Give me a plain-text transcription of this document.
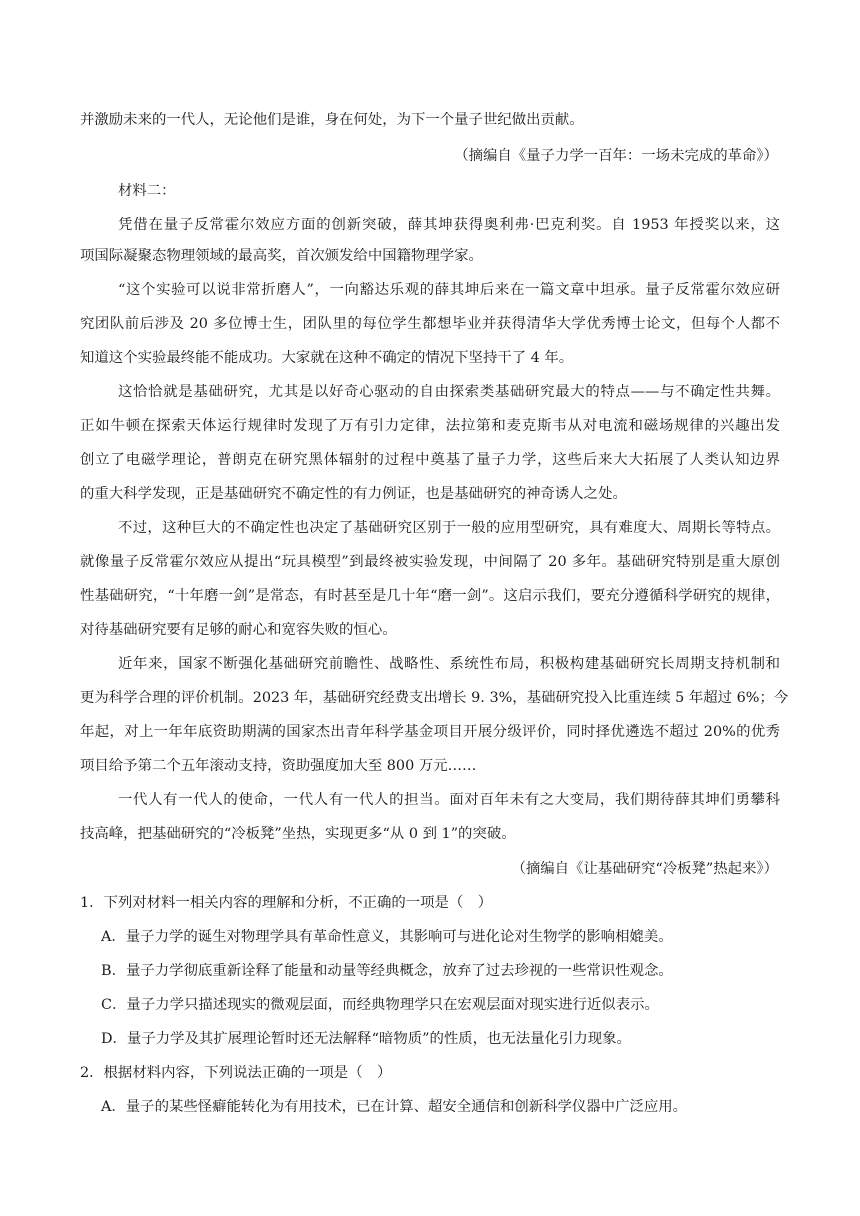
并激励未来的一代人，无论他们是谁，身在何处，为下一个量子世纪做出贡献。
（摘编自《量子力学一百年：一场未完成的革命》）
材料二：
凭借在量子反常霍尔效应方面的创新突破，薛其坤获得奥利弗·巴克利奖。自 1953 年授奖以来，这
项国际凝聚态物理领域的最高奖，首次颁发给中国籍物理学家。
“这个实验可以说非常折磨人”，一向豁达乐观的薛其坤后来在一篇文章中坦承。量子反常霍尔效应研
究团队前后涉及 20 多位博士生，团队里的每位学生都想毕业并获得清华大学优秀博士论文，但每个人都不
知道这个实验最终能不能成功。大家就在这种不确定的情况下坚持干了 4 年。
这恰恰就是基础研究，尤其是以好奇心驱动的自由探索类基础研究最大的特点——与不确定性共舞。
正如牛顿在探索天体运行规律时发现了万有引力定律，法拉第和麦克斯韦从对电流和磁场规律的兴趣出发
创立了电磁学理论，普朗克在研究黑体辐射的过程中奠基了量子力学，这些后来大大拓展了人类认知边界
的重大科学发现，正是基础研究不确定性的有力例证，也是基础研究的神奇诱人之处。
不过，这种巨大的不确定性也决定了基础研究区别于一般的应用型研究，具有难度大、周期长等特点。
就像量子反常霍尔效应从提出“玩具模型”到最终被实验发现，中间隔了 20 多年。基础研究特别是重大原创
性基础研究，“十年磨一剑”是常态，有时甚至是几十年“磨一剑”。这启示我们，要充分遵循科学研究的规律，
对待基础研究要有足够的耐心和宽容失败的恒心。
近年来，国家不断强化基础研究前瞻性、战略性、系统性布局，积极构建基础研究长周期支持机制和
更为科学合理的评价机制。2023 年，基础研究经费支出增长 9. 3%，基础研究投入比重连续 5 年超过 6%；今
年起，对上一年年底资助期满的国家杰出青年科学基金项目开展分级评价，同时择优遴选不超过 20%的优秀
项目给予第二个五年滚动支持，资助强度加大至 800 万元……
一代人有一代人的使命，一代人有一代人的担当。面对百年未有之大变局，我们期待薛其坤们勇攀科
技高峰，把基础研究的“冷板凳”坐热，实现更多“从 0 到 1”的突破。
（摘编自《让基础研究“冷板凳”热起来》）
1．下列对材料一相关内容的理解和分析，不正确的一项是（　）
A．量子力学的诞生对物理学具有革命性意义，其影响可与进化论对生物学的影响相媲美。
B．量子力学彻底重新诠释了能量和动量等经典概念，放弃了过去珍视的一些常识性观念。
C．量子力学只描述现实的微观层面，而经典物理学只在宏观层面对现实进行近似表示。
D．量子力学及其扩展理论暂时还无法解释“暗物质”的性质，也无法量化引力现象。
2．根据材料内容，下列说法正确的一项是（　）
A．量子的某些怪癖能转化为有用技术，已在计算、超安全通信和创新科学仪器中广泛应用。
